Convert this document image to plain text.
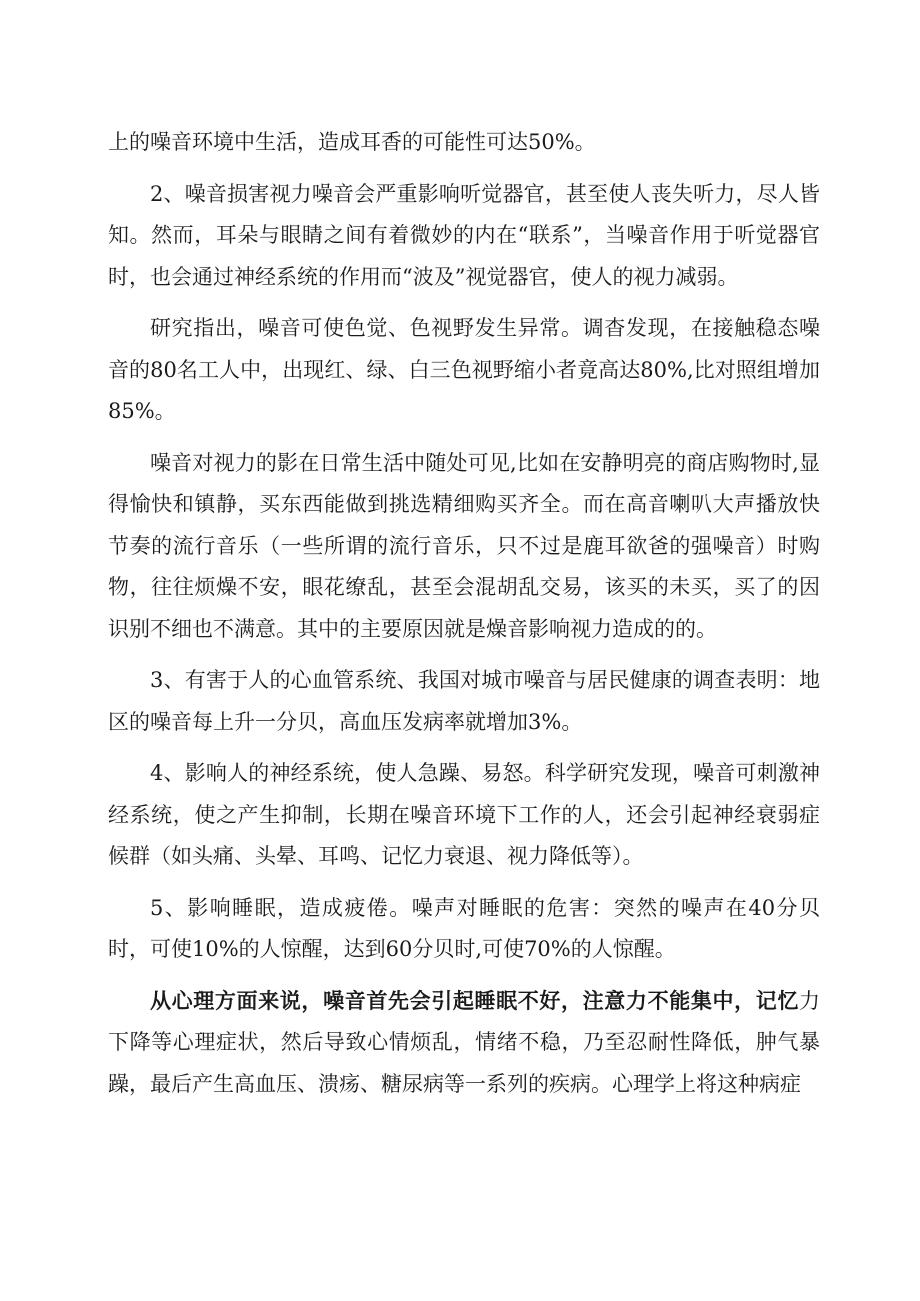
上的噪音环境中生活，造成耳香的可能性可达50%。

2、噪音损害视力噪音会严重影响听觉器官，甚至使人丧失听力，尽人皆知。然而，耳朵与眼睛之间有着微妙的内在“联系”，当噪音作用于听觉器官时，也会通过神经系统的作用而“波及”视觉器官，使人的视力减弱。

研究指出，噪音可使色觉、色视野发生异常。调杳发现，在接触稳态噪音的80名工人中，出现红、绿、白三色视野缩小者竟高达80%,比对照组增加85%。

噪音对视力的影在日常生活中随处可见,比如在安静明亮的商店购物时,显得愉快和镇静，买东西能做到挑选精细购买齐全。而在高音喇叭大声播放快节奏的流行音乐（一些所谓的流行音乐，只不过是鹿耳欲爸的强噪音）时购物，往往烦燥不安，眼花缭乱，甚至会混胡乱交易，该买的未买，买了的因识别不细也不满意。其中的主要原因就是燥音影响视力造成的的。

3、有害于人的心血管系统、我国对城市噪音与居民健康的调查表明：地区的噪音每上升一分贝，高血压发病率就增加3%。

4、影响人的神经系统，使人急躁、易怒。科学研究发现，噪音可刺激神经系统，使之产生抑制，长期在噪音环境下工作的人，还会引起神经衰弱症候群（如头痛、头晕、耳鸣、记忆力衰退、视力降低等）。

5、影响睡眠，造成疲倦。噪声对睡眠的危害：突然的噪声在40分贝时，可使10%的人惊醒，达到60分贝时,可使70%的人惊醒。

从心理方面来说，噪音首先会引起睡眠不好，注意力不能集中，记忆力下降等心理症状，然后导致心情烦乱，情绪不稳，乃至忍耐性降低，肿气暴躁，最后产生高血压、溃疡、糖尿病等一系列的疾病。心理学上将这种病症
